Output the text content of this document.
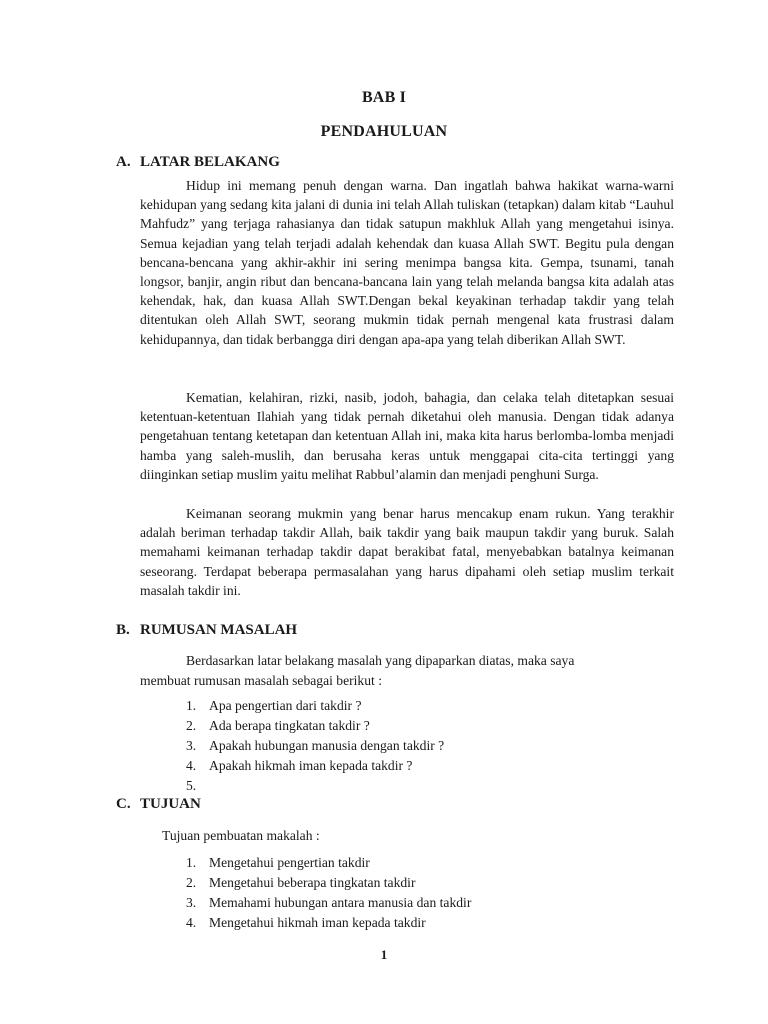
BAB I
PENDAHULUAN
A. LATAR BELAKANG

Hidup ini memang penuh dengan warna. Dan ingatlah bahwa hakikat warna-warni kehidupan yang sedang kita jalani di dunia ini telah Allah tuliskan (tetapkan) dalam kitab “Lauhul Mahfudz” yang terjaga rahasianya dan tidak satupun makhluk Allah yang mengetahui isinya. Semua kejadian yang telah terjadi adalah kehendak dan kuasa Allah SWT. Begitu pula dengan bencana-bencana yang akhir-akhir ini sering menimpa bangsa kita. Gempa, tsunami, tanah longsor, banjir, angin ribut dan bencana-bancana lain yang telah melanda bangsa kita adalah atas kehendak, hak, dan kuasa Allah SWT.Dengan bekal keyakinan terhadap takdir yang telah ditentukan oleh Allah SWT, seorang mukmin tidak pernah mengenal kata frustrasi dalam kehidupannya, dan tidak berbangga diri dengan apa-apa yang telah diberikan Allah SWT.

Kematian, kelahiran, rizki, nasib, jodoh, bahagia, dan celaka telah ditetapkan sesuai ketentuan-ketentuan Ilahiah yang tidak pernah diketahui oleh manusia. Dengan tidak adanya pengetahuan tentang ketetapan dan ketentuan Allah ini, maka kita harus berlomba-lomba menjadi hamba yang saleh-muslih, dan berusaha keras untuk menggapai cita-cita tertinggi yang diinginkan setiap muslim yaitu melihat Rabbul’alamin dan menjadi penghuni Surga.

Keimanan seorang mukmin yang benar harus mencakup enam rukun. Yang terakhir adalah beriman terhadap takdir Allah, baik takdir yang baik maupun takdir yang buruk. Salah memahami keimanan terhadap takdir dapat berakibat fatal, menyebabkan batalnya keimanan seseorang. Terdapat beberapa permasalahan yang harus dipahami oleh setiap muslim terkait masalah takdir ini.

B. RUMUSAN MASALAH

Berdasarkan latar belakang masalah yang dipaparkan diatas, maka saya

membuat rumusan masalah sebagai berikut :

1. Apa pengertian dari takdir ?
2. Ada berapa tingkatan takdir ?
3. Apakah hubungan manusia dengan takdir ?
4. Apakah hikmah iman kepada takdir ?
5.
C. TUJUAN

Tujuan pembuatan makalah :

1. Mengetahui pengertian takdir
2. Mengetahui beberapa tingkatan takdir
3. Memahami hubungan antara manusia dan takdir
4. Mengetahui hikmah iman kepada takdir
1
